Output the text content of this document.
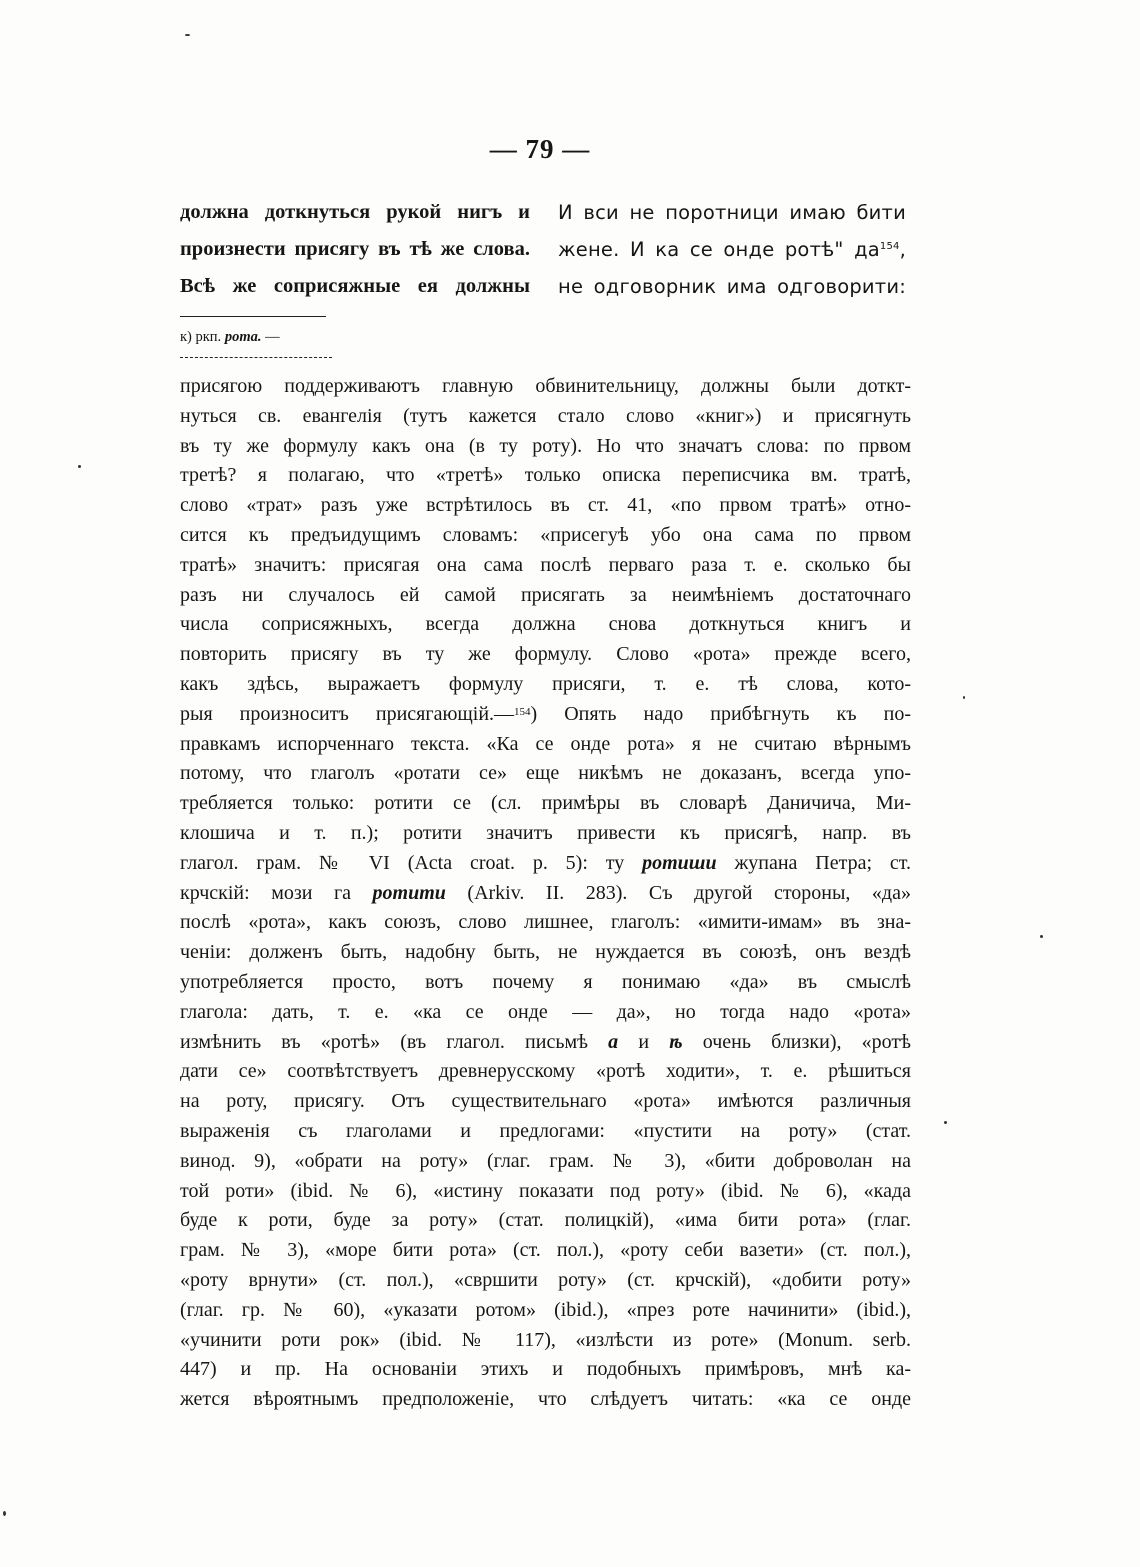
— 79 —
должна доткнуться рукой нигъ и
произнести присягу въ тѣ же слова.
Всѣ же соприсяжные ея должны
И вси не поротници имаю бити
жене. И ка се онде ротѣ" $да^{154}$,
не одговорник има одговорити:
к) ркп. рота. —
присягою поддерживаютъ главную обвинительницу, должны были доткт-
нуться св. евангелія (тутъ кажется стало слово «книг») и присягнуть
въ ту же формулу какъ она (в ту роту). Но что значатъ слова: по првом
третѣ? я полагаю, что «третѣ» только описка переписчика вм. тратѣ,
слово «трат» разъ уже встрѣтилось въ ст. 41, «по првом тратѣ» отно-
сится къ предъидущимъ словамъ: «присегуѣ убо она сама по првом
тратѣ» значитъ: присягая она сама послѣ перваго раза т. е. сколько бы
разъ ни случалось ей самой присягать за неимѣніемъ достаточнаго
числа соприсяжныхъ, всегда должна снова доткнуться книгъ и
повторить присягу въ ту же формулу. Слово «рота» прежде всего,
какъ здѣсь, выражаетъ формулу присяги, т. е. тѣ слова, кото-
рыя произноситъ присягающій.—$^{154}$) Опять надо прибѣгнуть къ по-
правкамъ испорченнаго текста. «Ка се онде рота» я не считаю вѣрнымъ
потому, что глаголъ «ротати се» еще никѣмъ не доказанъ, всегда упо-
требляется только: ротити се (сл. примѣры въ словарѣ Даничича, Ми-
клошича и т. п.); ротити значитъ привести къ присягѣ, напр. въ
глагол. грам. № VI (Acta croat. p. 5): ту ротиши жупана Петра; ст.
крчскій: мози га ротити (Arkiv. II. 283). Съ другой стороны, «да»
послѣ «рота», какъ союзъ, слово лишнее, глаголъ: «имити-имам» въ зна-
ченіи: долженъ быть, надобну быть, не нуждается въ союзѣ, онъ вездѣ
употребляется просто, вотъ почему я понимаю «да» въ смыслѣ
глагола: дать, т. е. «ка се онде — да», но тогда надо «рота»
измѣнить въ «ротѣ» (въ глагол. письмѣ a и ѣ очень близки), «ротѣ
дати се» соотвѣтствуетъ древнерусскому «ротѣ ходити», т. е. рѣшиться
на роту, присягу. Отъ существительнаго «рота» имѣются различныя
выраженія съ глаголами и предлогами: «пустити на роту» (стат.
винод. 9), «обрати на роту» (глаг. грам. № 3), «бити доброволан на
той роти» (ibid. № 6), «истину показати под роту» (ibid. № 6), «када
буде к роти, буде за роту» (стат. полицкій), «има бити рота» (глаг.
грам. № 3), «море бити рота» (ст. пол.), «роту себи вазети» (ст. пол.),
«роту врнути» (ст. пол.), «свршити роту» (ст. крчскій), «добити роту»
(глаг. гр. № 60), «указати ротом» (ibid.), «през роте начинити» (ibid.),
«учинити роти рок» (ibid. № 117), «излѣсти из роте» (Monum. serb.
447) и пр. На основаніи этихъ и подобныхъ примѣровъ, мнѣ ка-
жется вѣроятнымъ предположеніе, что слѣдуетъ читать: «ка се онде
